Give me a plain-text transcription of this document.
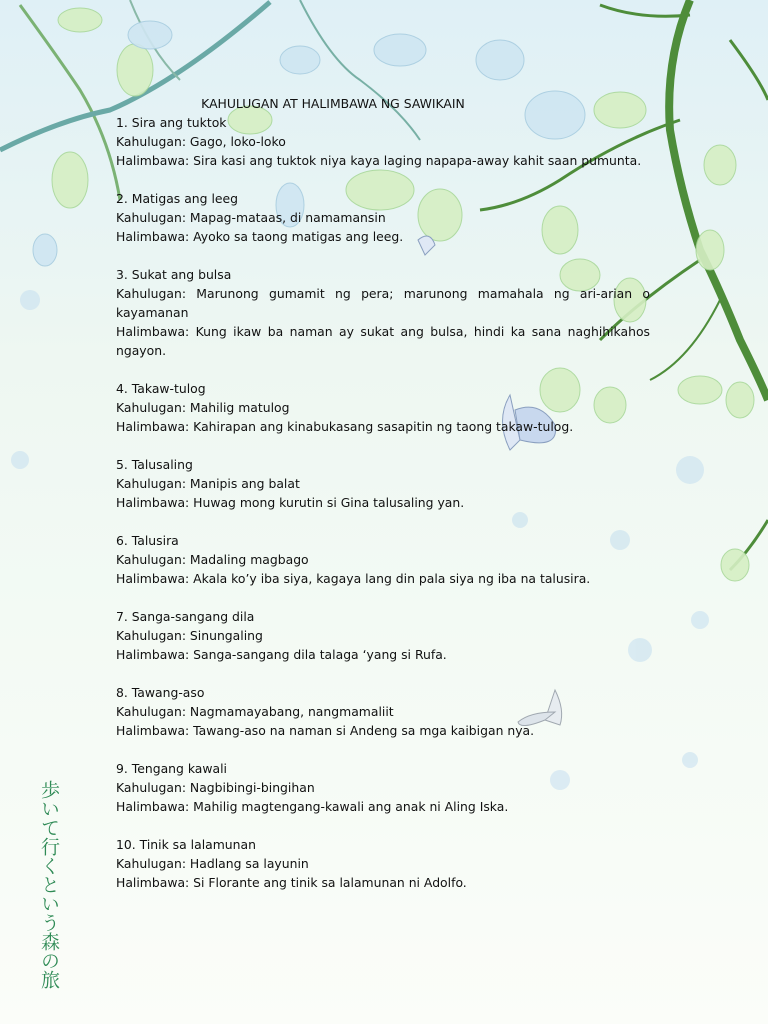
KAHULUGAN AT HALIMBAWA NG SAWIKAIN

1. Sira ang tuktok

Kahulugan: Gago, loko-loko

Halimbawa: Sira kasi ang tuktok niya kaya laging napapa-away kahit saan pumunta.

2. Matigas ang leeg

Kahulugan: Mapag-mataas, di namamansin

Halimbawa: Ayoko sa taong matigas ang leeg.

3. Sukat ang bulsa

Kahulugan: Marunong gumamit ng pera; marunong mamahala ng ari-arian o kayamanan

Halimbawa: Kung ikaw ba naman ay sukat ang bulsa, hindi ka sana naghihikahos ngayon.

4. Takaw-tulog

Kahulugan: Mahilig matulog

Halimbawa: Kahirapan ang kinabukasang sasapitin ng taong takaw-tulog.

5. Talusaling

Kahulugan: Manipis ang balat

Halimbawa: Huwag mong kurutin si Gina talusaling yan.

6. Talusira

Kahulugan: Madaling magbago

Halimbawa: Akala ko’y iba siya, kagaya lang din pala siya ng iba na talusira.

7. Sanga-sangang dila

Kahulugan: Sinungaling

Halimbawa: Sanga-sangang dila talaga ‘yang si Rufa.

8. Tawang-aso

Kahulugan: Nagmamayabang, nangmamaliit

Halimbawa: Tawang-aso na naman si Andeng sa mga kaibigan nya.

9. Tengang kawali

Kahulugan: Nagbibingi-bingihan

Halimbawa: Mahilig magtengang-kawali ang anak ni Aling Iska.

10. Tinik sa lalamunan

Kahulugan: Hadlang sa layunin

Halimbawa: Si Florante ang tinik sa lalamunan ni Adolfo.

歩いて行くという森の旅
